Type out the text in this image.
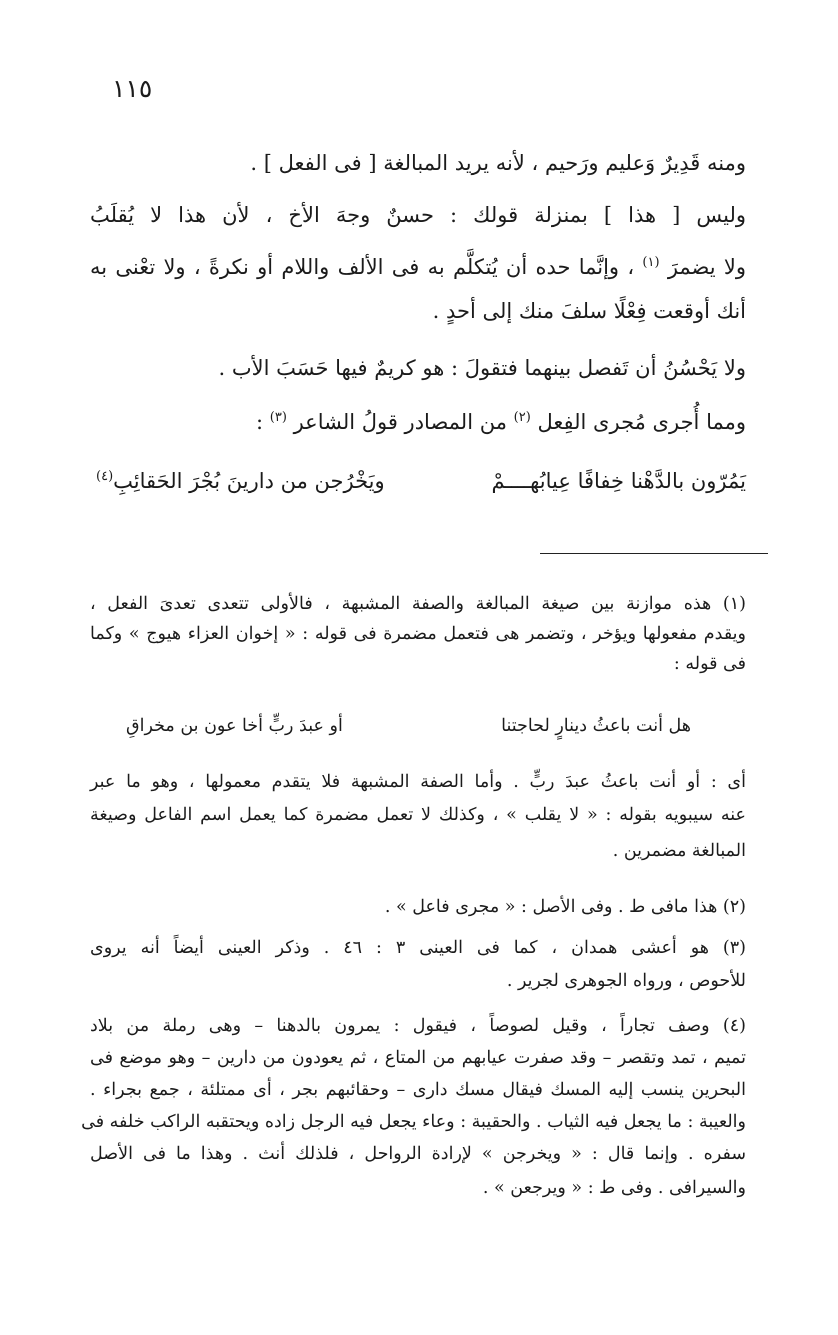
١١٥
ومنه قَدِيرٌ وَعليم ورَحيم ، لأنه يريد المبالغة [ فى الفعل ] .
وليس [ هذا ] بمنزلة قولك : حسنٌ وجهَ الأخ ، لأن هذا لا يُقلَبُ
ولا يضمرَ $^{(١)}$ ، وإنَّما حده أن يُتكلَّم به فى الألف واللام أو نكرةً ، ولا تعْنى به
أنك أوقعت فِعْلًا سلفَ منك إلى أحدٍ .
ولا يَحْسُنُ أن تَفصل بينهما فتقولَ : هو كريمٌ فيها حَسَبَ الأب .
ومما أُجرى مُجرى الفِعل $^{(٢)}$ من المصادر قولُ الشاعر $^{(٣)}$ :
يَمُرّون بالدَّهْنا خِفافًا عِيابُهــــمْ
ويَخْرُجن من دارينَ بُجْرَ الحَقائِبِ$^{(٤)}$
(١) هذه موازنة بين صيغة المبالغة والصفة المشبهة ، فالأولى تتعدى تعدىَ الفعل ،
ويقدم مفعولها ويؤخر ، وتضمر هى فتعمل مضمرة فى قوله : « إخوان العزاء هيوج » وكما
فى قوله :
هل أنت باعثُ دينارٍ لحاجتنا
أو عبدَ ربٍّ أخا عون بن مخراقِ
أى : أو أنت باعثُ عبدَ ربٍّ . وأما الصفة المشبهة فلا يتقدم معمولها ، وهو ما عبر
عنه سيبويه بقوله : « لا يقلب » ، وكذلك لا تعمل مضمرة كما يعمل اسم الفاعل وصيغة
المبالغة مضمرين .
(٢) هذا مافى ط . وفى الأصل : « مجرى فاعل » .
(٣) هو أعشى همدان ، كما فى العينى ٣ : ٤٦ . وذكر العينى أيضاً أنه يروى
للأحوص ، ورواه الجوهرى لجرير .
(٤) وصف تجاراً ، وقيل لصوصاً ، فيقول : يمرون بالدهنا – وهى رملة من بلاد
تميم ، تمد وتقصر – وقد صفرت عيابهم من المتاع ، ثم يعودون من دارين – وهو موضع فى
البحرين ينسب إليه المسك فيقال مسك دارى – وحقائبهم بجر ، أى ممتلئة ، جمع بجراء .
والعيبة : ما يجعل فيه الثياب . والحقيبة : وعاء يجعل فيه الرجل زاده ويحتقبه الراكب خلفه فى
سفره . وإنما قال : « ويخرجن » لإرادة الرواحل ، فلذلك أنث . وهذا ما فى الأصل
والسيرافى . وفى ط : « ويرجعن » .
